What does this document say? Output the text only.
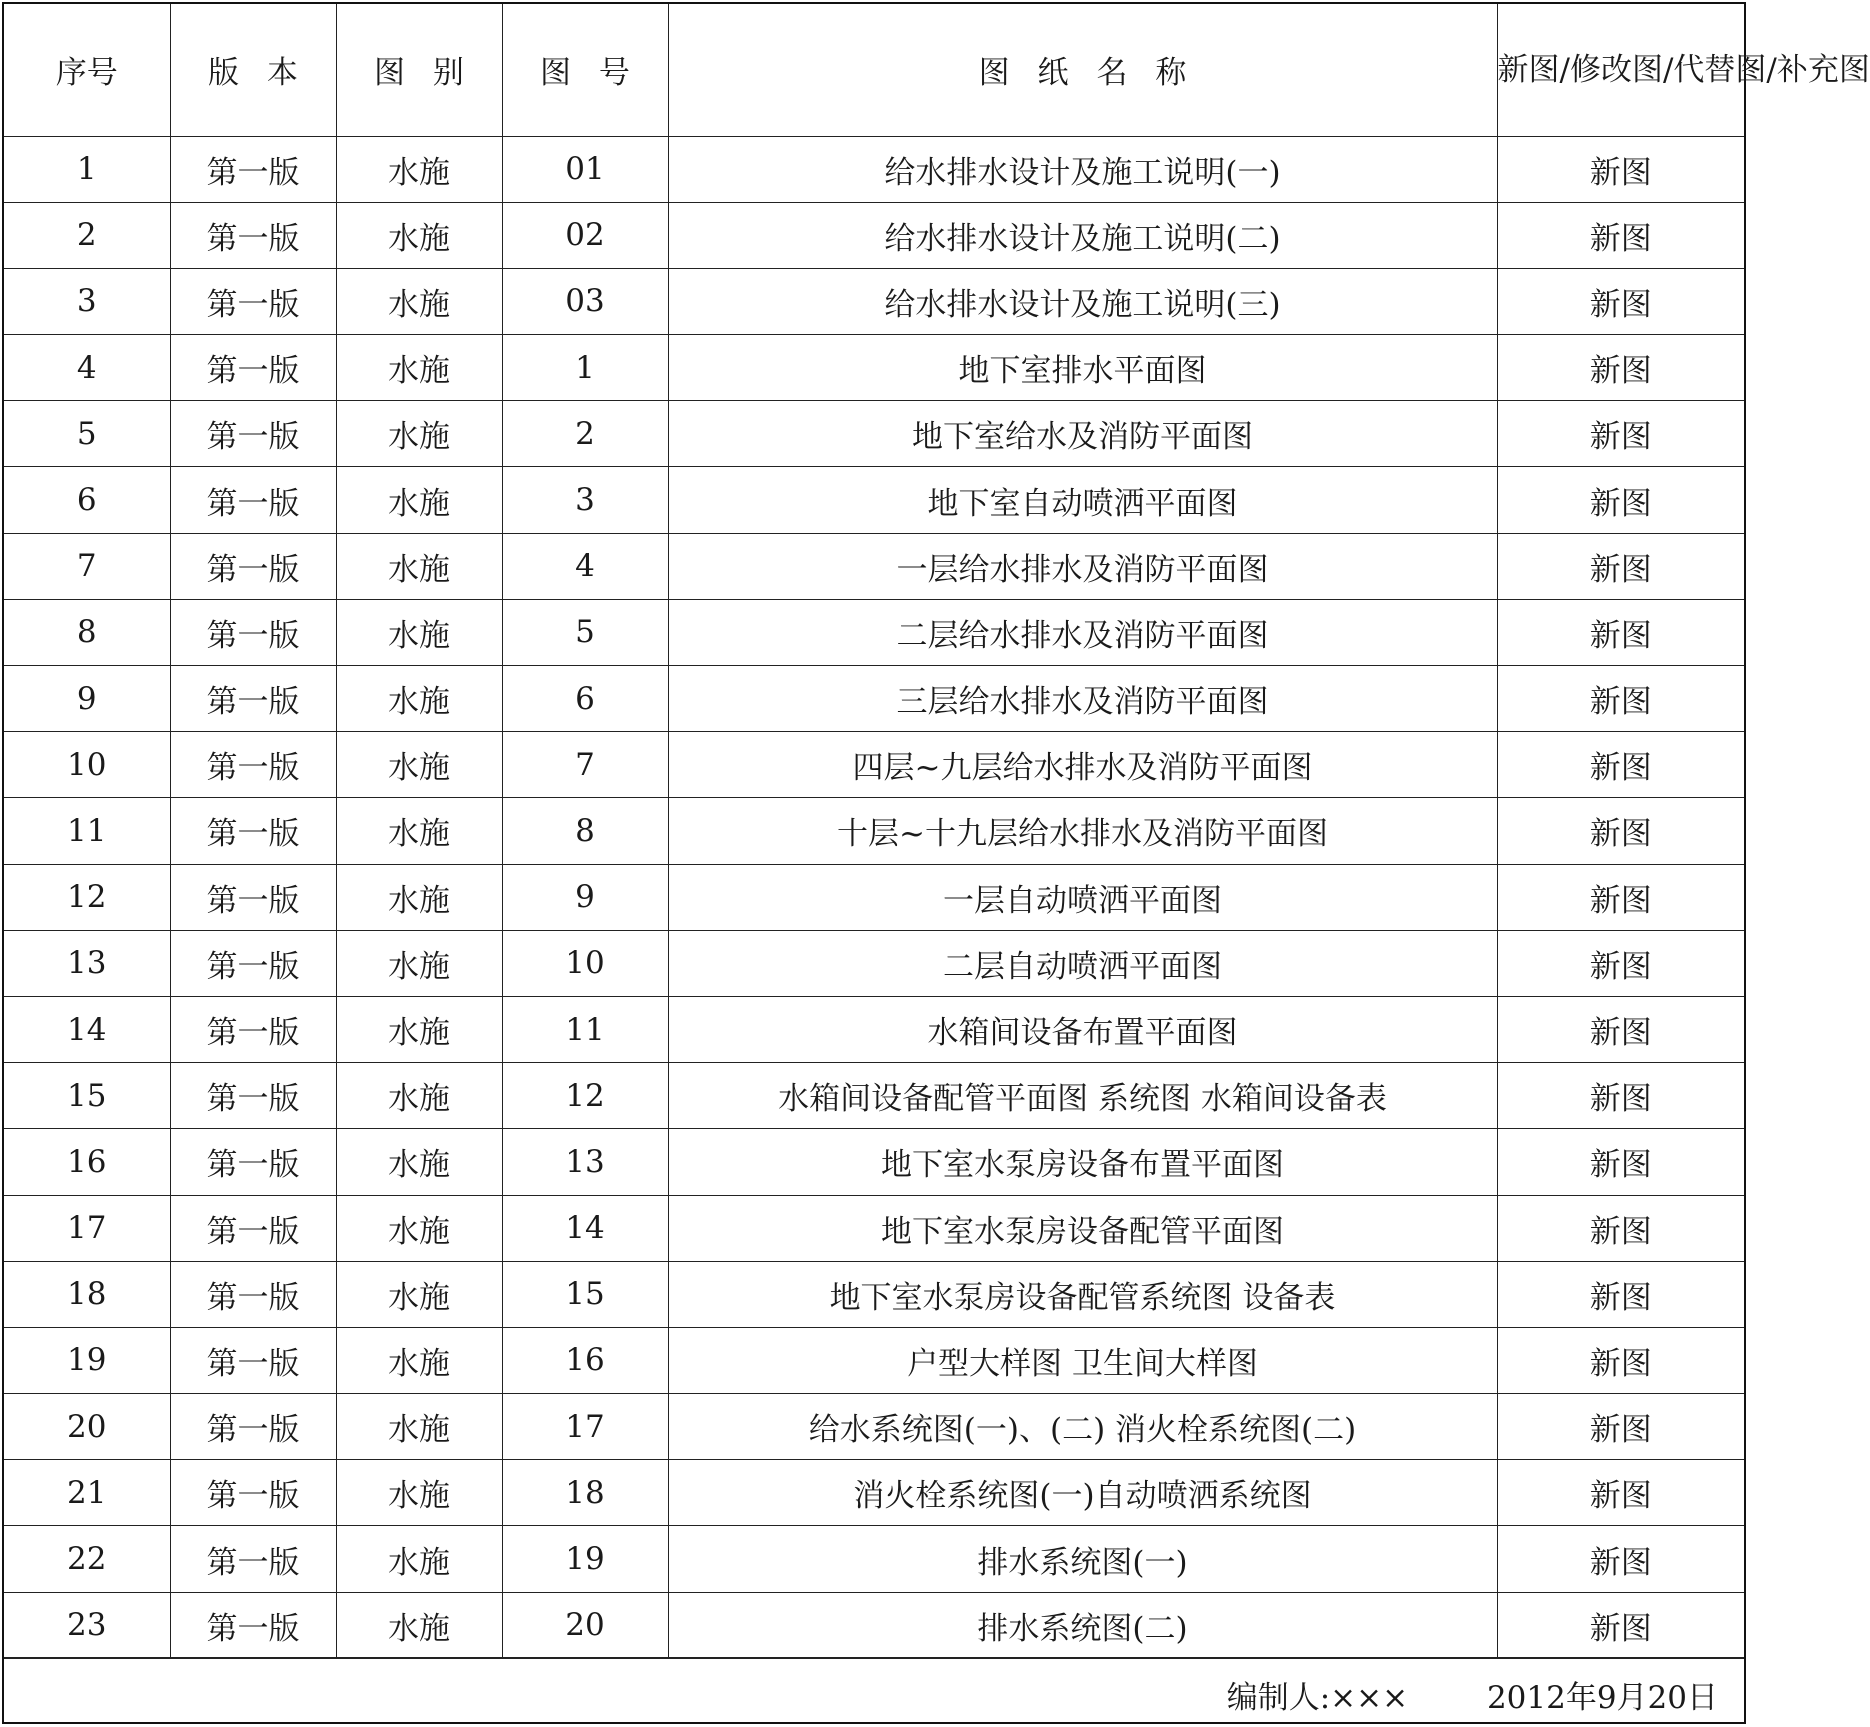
序号	版本	图别	图号	图纸名称	新图/修改图/代替图/补充图
1	第一版	水施	01	给水排水设计及施工说明(一)	新图
2	第一版	水施	02	给水排水设计及施工说明(二)	新图
3	第一版	水施	03	给水排水设计及施工说明(三)	新图
4	第一版	水施	1	地下室排水平面图	新图
5	第一版	水施	2	地下室给水及消防平面图	新图
6	第一版	水施	3	地下室自动喷洒平面图	新图
7	第一版	水施	4	一层给水排水及消防平面图	新图
8	第一版	水施	5	二层给水排水及消防平面图	新图
9	第一版	水施	6	三层给水排水及消防平面图	新图
10	第一版	水施	7	四层~九层给水排水及消防平面图	新图
11	第一版	水施	8	十层~十九层给水排水及消防平面图	新图
12	第一版	水施	9	一层自动喷洒平面图	新图
13	第一版	水施	10	二层自动喷洒平面图	新图
14	第一版	水施	11	水箱间设备布置平面图	新图
15	第一版	水施	12	水箱间设备配管平面图 系统图 水箱间设备表	新图
16	第一版	水施	13	地下室水泵房设备布置平面图	新图
17	第一版	水施	14	地下室水泵房设备配管平面图	新图
18	第一版	水施	15	地下室水泵房设备配管系统图 设备表	新图
19	第一版	水施	16	户型大样图 卫生间大样图	新图
20	第一版	水施	17	给水系统图(一)、(二) 消火栓系统图(二)	新图
21	第一版	水施	18	消火栓系统图(一)自动喷洒系统图	新图
22	第一版	水施	19	排水系统图(一)	新图
23	第一版	水施	20	排水系统图(二)	新图
编制人:×××	2012年9月20日
